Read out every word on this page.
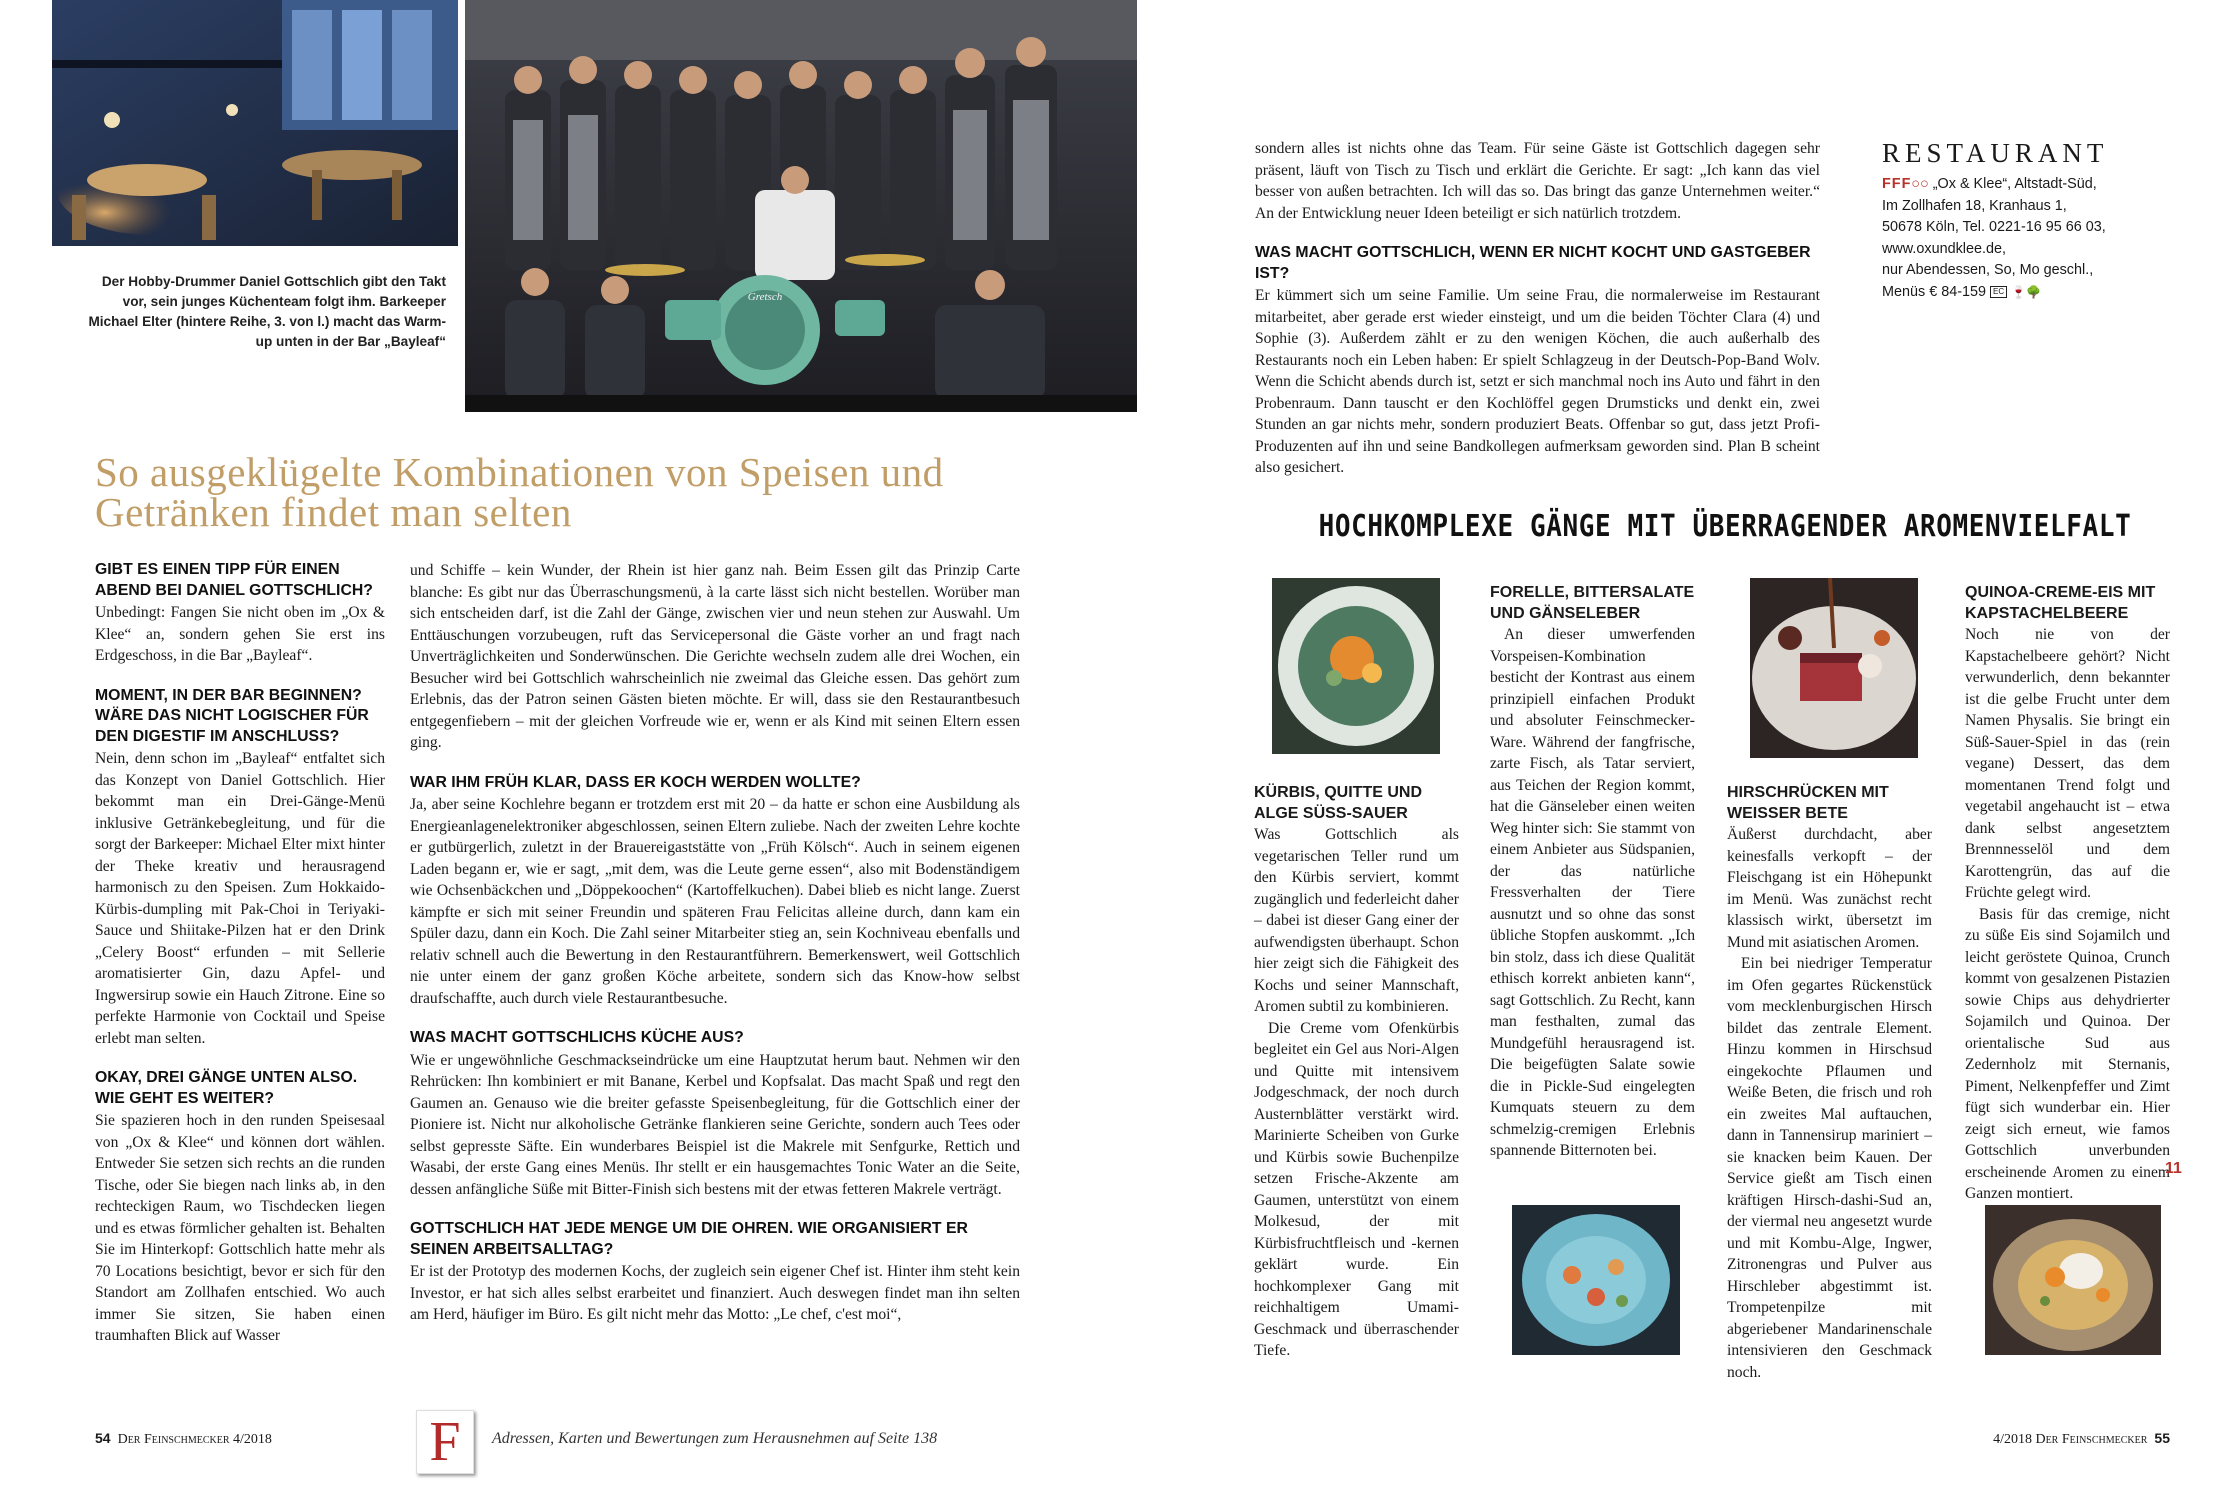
Gretsch
Der Hobby-Drummer Daniel Gottschlich gibt den Takt vor, sein junges Küchenteam folgt ihm. Barkeeper Michael Elter (hintere Reihe, 3. von l.) macht das Warm-up unten in der Bar „Bayleaf“
So ausgeklügelte Kombinationen von Speisen und Getränken findet man selten
GIBT ES EINEN TIPP FÜR EINEN ABEND BEI DANIEL GOTTSCHLICH?

Unbedingt: Fangen Sie nicht oben im „Ox & Klee“ an, sondern gehen Sie erst ins Erdgeschoss, in die Bar „Bayleaf“.

MOMENT, IN DER BAR BEGINNEN? WÄRE DAS NICHT LOGISCHER FÜR DEN DIGESTIF IM ANSCHLUSS?

Nein, denn schon im „Bayleaf“ entfaltet sich das Konzept von Daniel Gottschlich. Hier bekommt man ein Drei-Gänge-Menü inklusive Getränkebegleitung, und für die sorgt der Barkeeper: Michael Elter mixt hinter der Theke kreativ und herausragend harmonisch zu den Speisen. Zum Hokkaido-Kürbis-dumpling mit Pak-Choi in Teriyaki-Sauce und Shiitake-Pilzen hat er den Drink „Celery Boost“ erfunden – mit Sellerie aromatisierter Gin, dazu Apfel- und Ingwersirup sowie ein Hauch Zitrone. Eine so perfekte Harmonie von Cocktail und Speise erlebt man selten.

OKAY, DREI GÄNGE UNTEN ALSO. WIE GEHT ES WEITER?

Sie spazieren hoch in den runden Speisesaal von „Ox & Klee“ und können dort wählen. Entweder Sie setzen sich rechts an die runden Tische, oder Sie biegen nach links ab, in den rechteckigen Raum, wo Tischdecken liegen und es etwas förmlicher gehalten ist. Behalten Sie im Hinterkopf: Gottschlich hatte mehr als 70 Locations besichtigt, bevor er sich für den Standort am Zollhafen entschied. Wo auch immer Sie sitzen, Sie haben einen traumhaften Blick auf Wasser

und Schiffe – kein Wunder, der Rhein ist hier ganz nah. Beim Essen gilt das Prinzip Carte blanche: Es gibt nur das Überraschungsmenü, à la carte lässt sich nicht bestellen. Worüber man sich entscheiden darf, ist die Zahl der Gänge, zwischen vier und neun stehen zur Auswahl. Um Enttäuschungen vorzubeugen, ruft das Servicepersonal die Gäste vorher an und fragt nach Unverträglichkeiten und Sonderwünschen. Die Gerichte wechseln zudem alle drei Wochen, ein Besucher wird bei Gottschlich wahrscheinlich nie zweimal das Gleiche essen. Das gehört zum Erlebnis, das der Patron seinen Gästen bieten möchte. Er will, dass sie den Restaurantbesuch entgegenfiebern – mit der gleichen Vorfreude wie er, wenn er als Kind mit seinen Eltern essen ging.

WAR IHM FRÜH KLAR, DASS ER KOCH WERDEN WOLLTE?

Ja, aber seine Kochlehre begann er trotzdem erst mit 20 – da hatte er schon eine Ausbildung als Energieanlagenelektroniker abgeschlossen, seinen Eltern zuliebe. Nach der zweiten Lehre kochte er gutbürgerlich, zuletzt in der Brauereigaststätte von „Früh Kölsch“. Auch in seinem eigenen Laden begann er, wie er sagt, „mit dem, was die Leute gerne essen“, also mit Bodenständigem wie Ochsenbäckchen und „Döppekoochen“ (Kartoffelkuchen). Dabei blieb es nicht lange. Zuerst kämpfte er sich mit seiner Freundin und späteren Frau Felicitas alleine durch, dann kam ein Spüler dazu, dann ein Koch. Die Zahl seiner Mitarbeiter stieg an, sein Kochniveau ebenfalls und relativ schnell auch die Bewertung in den Restaurantführern. Bemerkenswert, weil Gottschlich nie unter einem der ganz großen Köche arbeitete, sondern sich das Know-how selbst draufschaffte, auch durch viele Restaurantbesuche.

WAS MACHT GOTTSCHLICHS KÜCHE AUS?

Wie er ungewöhnliche Geschmackseindrücke um eine Hauptzutat herum baut. Nehmen wir den Rehrücken: Ihn kombiniert er mit Banane, Kerbel und Kopfsalat. Das macht Spaß und regt den Gaumen an. Genauso wie die breiter gefasste Speisenbegleitung, für die Gottschlich einer der Pioniere ist. Nicht nur alkoholische Getränke flankieren seine Gerichte, sondern auch Tees oder selbst gepresste Säfte. Ein wunderbares Beispiel ist die Makrele mit Senfgurke, Rettich und Wasabi, der erste Gang eines Menüs. Ihr stellt er ein hausgemachtes Tonic Water an die Seite, dessen anfängliche Süße mit Bitter-Finish sich bestens mit der etwas fetteren Makrele verträgt.

GOTTSCHLICH HAT JEDE MENGE UM DIE OHREN. WIE ORGANISIERT ER SEINEN ARBEITSALLTAG?

Er ist der Prototyp des modernen Kochs, der zugleich sein eigener Chef ist. Hinter ihm steht kein Investor, er hat sich alles selbst erarbeitet und finanziert. Auch deswegen findet man ihn selten am Herd, häufiger im Büro. Es gilt nicht mehr das Motto: „Le chef, c'est moi“,

54 Der Feinschmecker 4/2018	F	Adressen, Karten und Bewertungen zum Herausnehmen auf Seite 138

sondern alles ist nichts ohne das Team. Für seine Gäste ist Gottschlich dagegen sehr präsent, läuft von Tisch zu Tisch und erklärt die Gerichte. Er sagt: „Ich kann das viel besser von außen betrachten. Ich will das so. Das bringt das ganze Unternehmen weiter.“ An der Entwicklung neuer Ideen beteiligt er sich natürlich trotzdem.

WAS MACHT GOTTSCHLICH, WENN ER NICHT KOCHT UND GASTGEBER IST?

Er kümmert sich um seine Familie. Um seine Frau, die normalerweise im Restaurant mitarbeitet, aber gerade erst wieder einsteigt, und um die beiden Töchter Clara (4) und Sophie (3). Außerdem zählt er zu den wenigen Köchen, die auch außerhalb des Restaurants noch ein Leben haben: Er spielt Schlagzeug in der Deutsch-Pop-Band Wolv. Wenn die Schicht abends durch ist, setzt er sich manchmal noch ins Auto und fährt in den Probenraum. Dann tauscht er den Kochlöffel gegen Drumsticks und denkt ein, zwei Stunden an gar nichts mehr, sondern produziert Beats. Offenbar so gut, dass jetzt Profi-Produzenten auf ihn und seine Bandkollegen aufmerksam geworden sind. Plan B scheint also gesichert.

RESTAURANT
FFF○○ „Ox & Klee“, Altstadt-Süd,
Im Zollhafen 18, Kranhaus 1,
50678 Köln, Tel. 0221-16 95 66 03,
www.oxundklee.de,
nur Abendessen, So, Mo geschl.,
Menüs € 84-159 EC 🍷🌳
HOCHKOMPLEXE GÄNGE MIT ÜBERRAGENDER AROMENVIELFALT
KÜRBIS, QUITTE UND ALGE SÜSS-SAUER

Was Gottschlich als vegetarischen Teller rund um den Kürbis serviert, kommt zugänglich und federleicht daher – dabei ist dieser Gang einer der aufwendigsten überhaupt. Schon hier zeigt sich die Fähigkeit des Kochs und seiner Mannschaft, Aromen subtil zu kombinieren.

Die Creme vom Ofenkürbis begleitet ein Gel aus Nori-Algen und Quitte mit intensivem Jodgeschmack, der noch durch Austernblätter verstärkt wird. Marinierte Scheiben von Gurke und Kürbis sowie Buchenpilze setzen Frische-Akzente am Gaumen, unterstützt von einem Molkesud, der mit Kürbisfruchtfleisch und -kernen geklärt wurde. Ein hochkomplexer Gang mit reichhaltigem Umami-Geschmack und überraschender Tiefe.

FORELLE, BITTERSALATE UND GÄNSELEBER

An dieser umwerfenden Vorspeisen-Kombination besticht der Kontrast aus einem prinzipiell einfachen Produkt und absoluter Feinschmecker-Ware. Während der fangfrische, zarte Fisch, als Tatar serviert, aus Teichen der Region kommt, hat die Gänseleber einen weiten Weg hinter sich: Sie stammt von einem Anbieter aus Südspanien, der das natürliche Fressverhalten der Tiere ausnutzt und so ohne das sonst übliche Stopfen auskommt. „Ich bin stolz, dass ich diese Qualität ethisch korrekt anbieten kann“, sagt Gottschlich. Zu Recht, kann man festhalten, zumal das Mundgefühl herausragend ist. Die beigefügten Salate sowie die in Pickle-Sud eingelegten Kumquats steuern zu dem schmelzig-cremigen Erlebnis spannende Bitternoten bei.

HIRSCHRÜCKEN MIT WEISSER BETE

Äußerst durchdacht, aber keinesfalls verkopft – der Fleischgang ist ein Höhepunkt im Menü. Was zunächst recht klassisch wirkt, übersetzt im Mund mit asiatischen Aromen.

Ein bei niedriger Temperatur im Ofen gegartes Rückenstück vom mecklenburgischen Hirsch bildet das zentrale Element. Hinzu kommen in Hirschsud eingekochte Pflaumen und Weiße Beten, die frisch und roh ein zweites Mal auftauchen, dann in Tannensirup mariniert – sie knacken beim Kauen. Der Service gießt am Tisch einen kräftigen Hirsch-dashi-Sud an, der viermal neu angesetzt wurde und mit Kombu-Alge, Ingwer, Zitronengras und Pulver aus Hirschleber abgestimmt ist. Trompetenpilze mit abgeriebener Mandarinenschale intensivieren den Geschmack noch.

QUINOA-CREME-EIS MIT KAPSTACHELBEERE

Noch nie von der Kapstachelbeere gehört? Nicht verwunderlich, denn bekannter ist die gelbe Frucht unter dem Namen Physalis. Sie bringt ein Süß-Sauer-Spiel in das (rein vegane) Dessert, das dem momentanen Trend folgt und vegetabil angehaucht ist – etwa dank selbst angesetztem Brennnesselöl und dem Karottengrün, das auf die Früchte gelegt wird.

Basis für das cremige, nicht zu süße Eis sind Sojamilch und leicht geröstete Quinoa, Crunch kommt von gesalzenen Pistazien sowie Chips aus dehydrierter Sojamilch und Quinoa. Der orientalische Sud aus Zedernholz mit Sternanis, Piment, Nelkenpfeffer und Zimt fügt sich wunderbar ein. Hier zeigt sich erneut, wie famos Gottschlich unverbunden erscheinende Aromen zu einem Ganzen montiert.

11
4/2018 Der Feinschmecker 55
